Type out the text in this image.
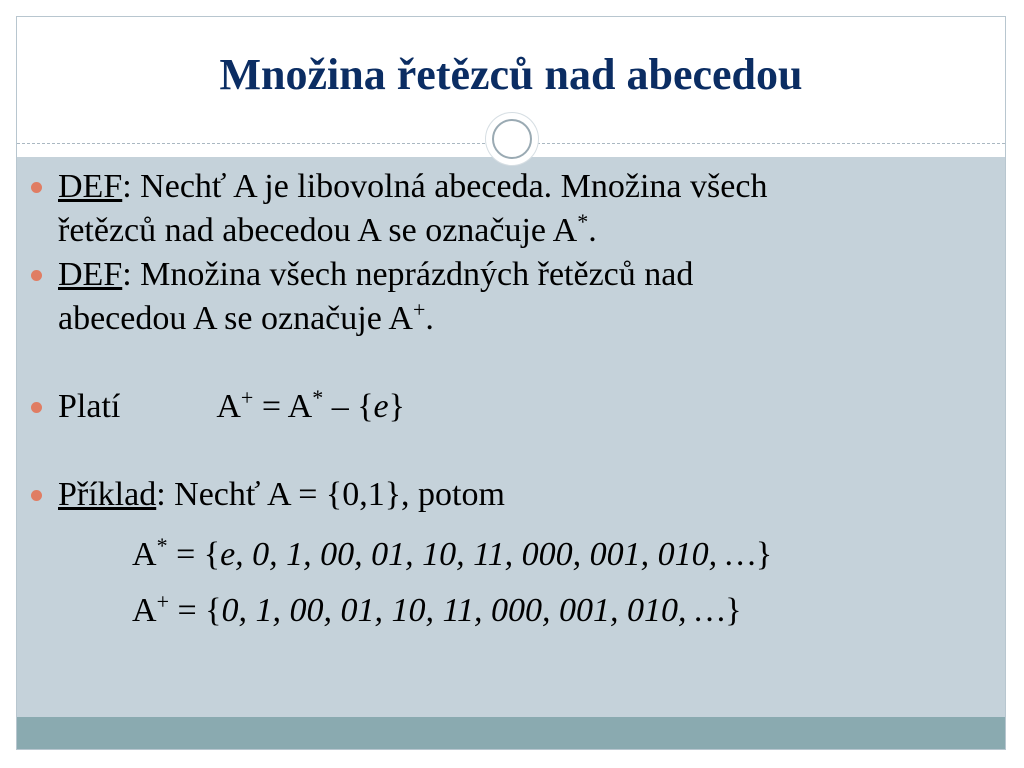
Množina řetězců nad abecedou
DEF: Nechť A je libovolná abeceda. Množina všech
řetězců nad abecedou A se označuje A*.
DEF: Množina všech neprázdných řetězců nad
abecedou A se označuje A+.
Platí	A+ = A* – {e}
Příklad: Nechť A = {0,1}, potom
A* = {e, 0, 1, 00, 01, 10, 11, 000, 001, 010, …}
A+ = {0, 1, 00, 01, 10, 11, 000, 001, 010, …}
